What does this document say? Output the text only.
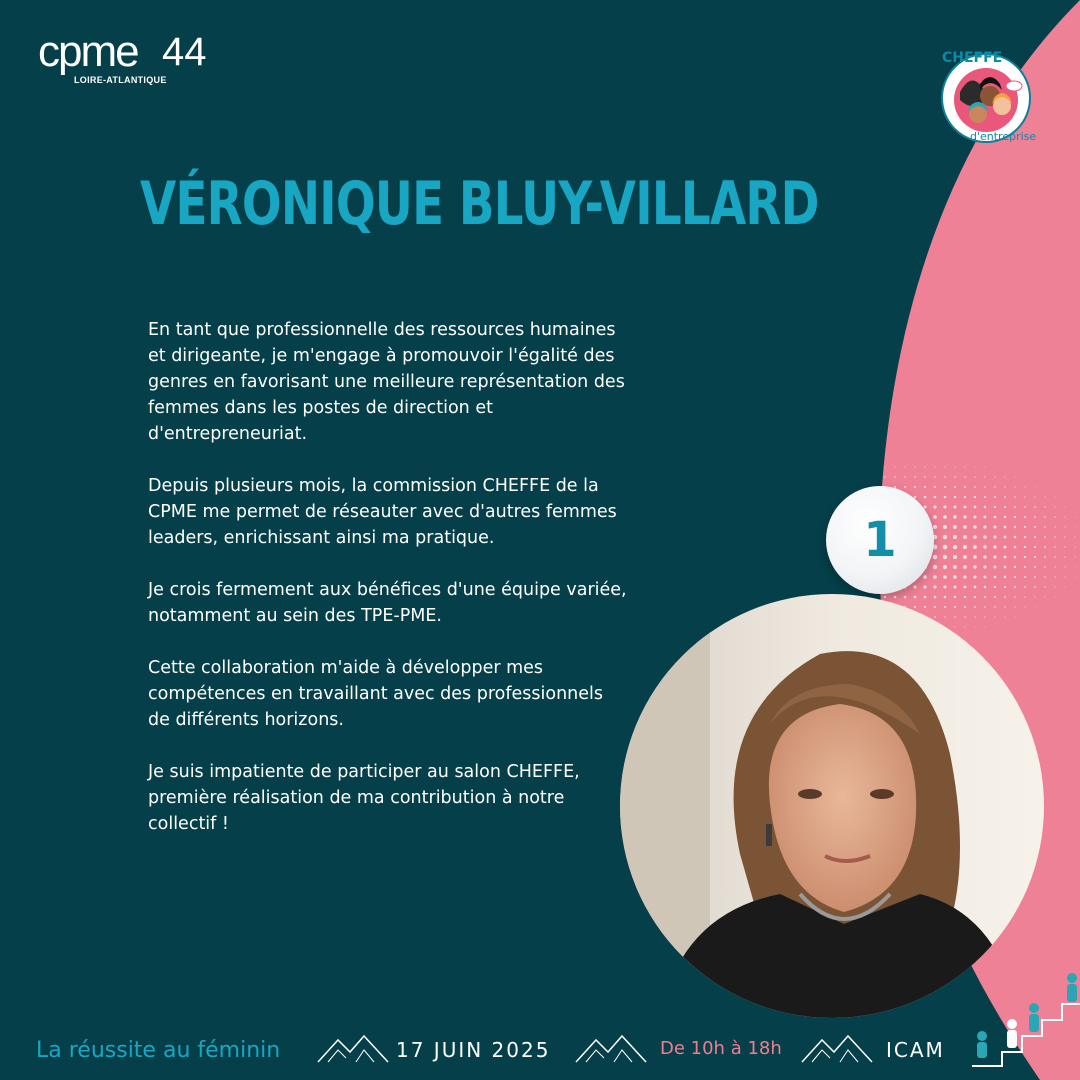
cpme 44
LOIRE-ATLANTIQUE
CHEFFE
d'entreprise
VÉRONIQUE BLUY-VILLARD

En tant que professionnelle des ressources humaines et dirigeante, je m'engage à promouvoir l'égalité des genres en favorisant une meilleure représentation des femmes dans les postes de direction et d'entrepreneuriat.

Depuis plusieurs mois, la commission CHEFFE de la CPME me permet de réseauter avec d'autres femmes leaders, enrichissant ainsi ma pratique.

Je crois fermement aux bénéfices d'une équipe variée, notamment au sein des TPE-PME.

Cette collaboration m'aide à développer mes compétences en travaillant avec des professionnels de différents horizons.

Je suis impatiente de participer au salon CHEFFE, première réalisation de ma contribution à notre collectif !

1
La réussite au féminin	17 JUIN 2025	De 10h à 18h	ICAM
